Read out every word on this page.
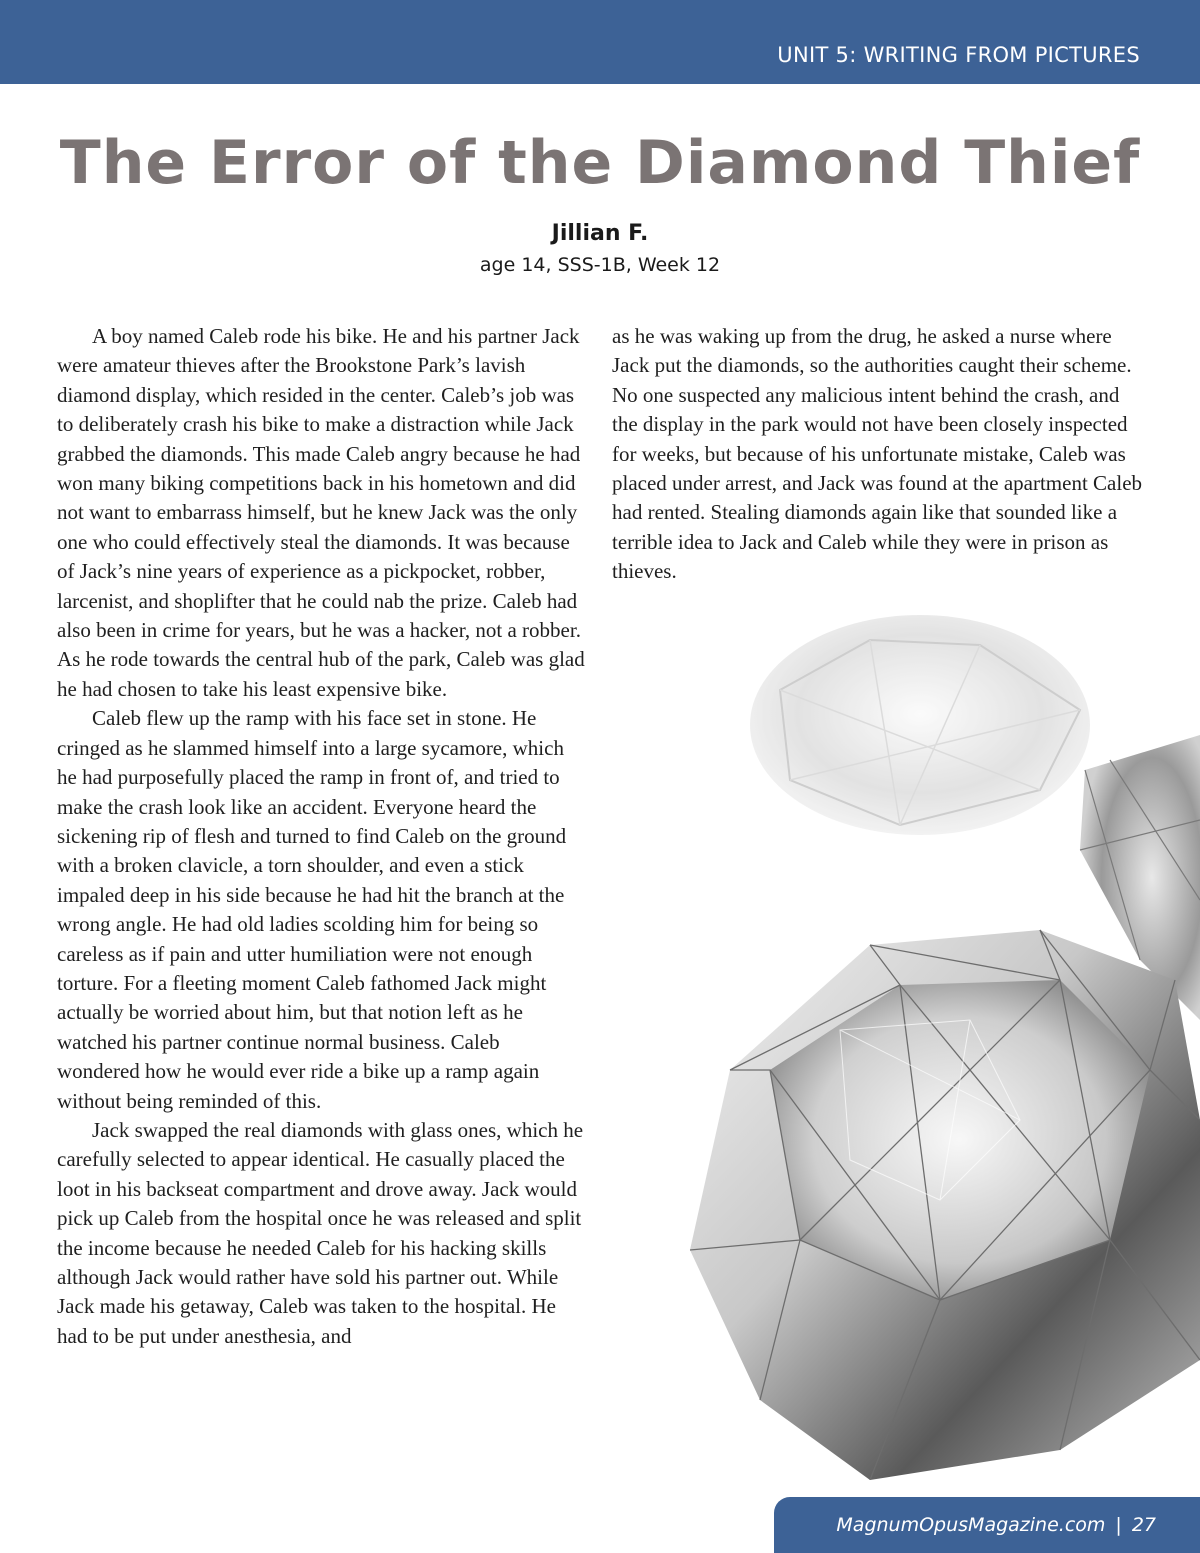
UNIT 5: WRITING FROM PICTURES
The Error of the Diamond Thief
Jillian F.
age 14, SSS-1B, Week 12

A boy named Caleb rode his bike. He and his partner Jack were amateur thieves after the Brookstone Park’s lavish diamond display, which resided in the center. Caleb’s job was to deliberately crash his bike to make a distraction while Jack grabbed the diamonds. This made Caleb angry because he had won many biking competitions back in his hometown and did not want to embarrass himself, but he knew Jack was the only one who could effectively steal the diamonds. It was because of Jack’s nine years of experience as a pickpocket, robber, larcenist, and shoplifter that he could nab the prize. Caleb had also been in crime for years, but he was a hacker, not a robber. As he rode towards the central hub of the park, Caleb was glad he had chosen to take his least expensive bike.

Caleb flew up the ramp with his face set in stone. He cringed as he slammed himself into a large sycamore, which he had purposefully placed the ramp in front of, and tried to make the crash look like an accident. Everyone heard the sickening rip of flesh and turned to find Caleb on the ground with a broken clavicle, a torn shoulder, and even a stick impaled deep in his side because he had hit the branch at the wrong angle. He had old ladies scolding him for being so careless as if pain and utter humiliation were not enough torture. For a fleeting moment Caleb fathomed Jack might actually be worried about him, but that notion left as he watched his partner continue normal business. Caleb wondered how he would ever ride a bike up a ramp again without being reminded of this.

Jack swapped the real diamonds with glass ones, which he carefully selected to appear identical. He casually placed the loot in his backseat compartment and drove away. Jack would pick up Caleb from the hospital once he was released and split the income because he needed Caleb for his hacking skills although Jack would rather have sold his partner out. While Jack made his getaway, Caleb was taken to the hospital. He had to be put under anesthesia, and

as he was waking up from the drug, he asked a nurse where Jack put the diamonds, so the authorities caught their scheme. No one suspected any malicious intent behind the crash, and the display in the park would not have been closely inspected for weeks, but because of his unfortunate mistake, Caleb was placed under arrest, and Jack was found at the apartment Caleb had rented. Stealing diamonds again like that sounded like a terrible idea to Jack and Caleb while they were in prison as thieves.

MagnumOpusMagazine.com | 27
